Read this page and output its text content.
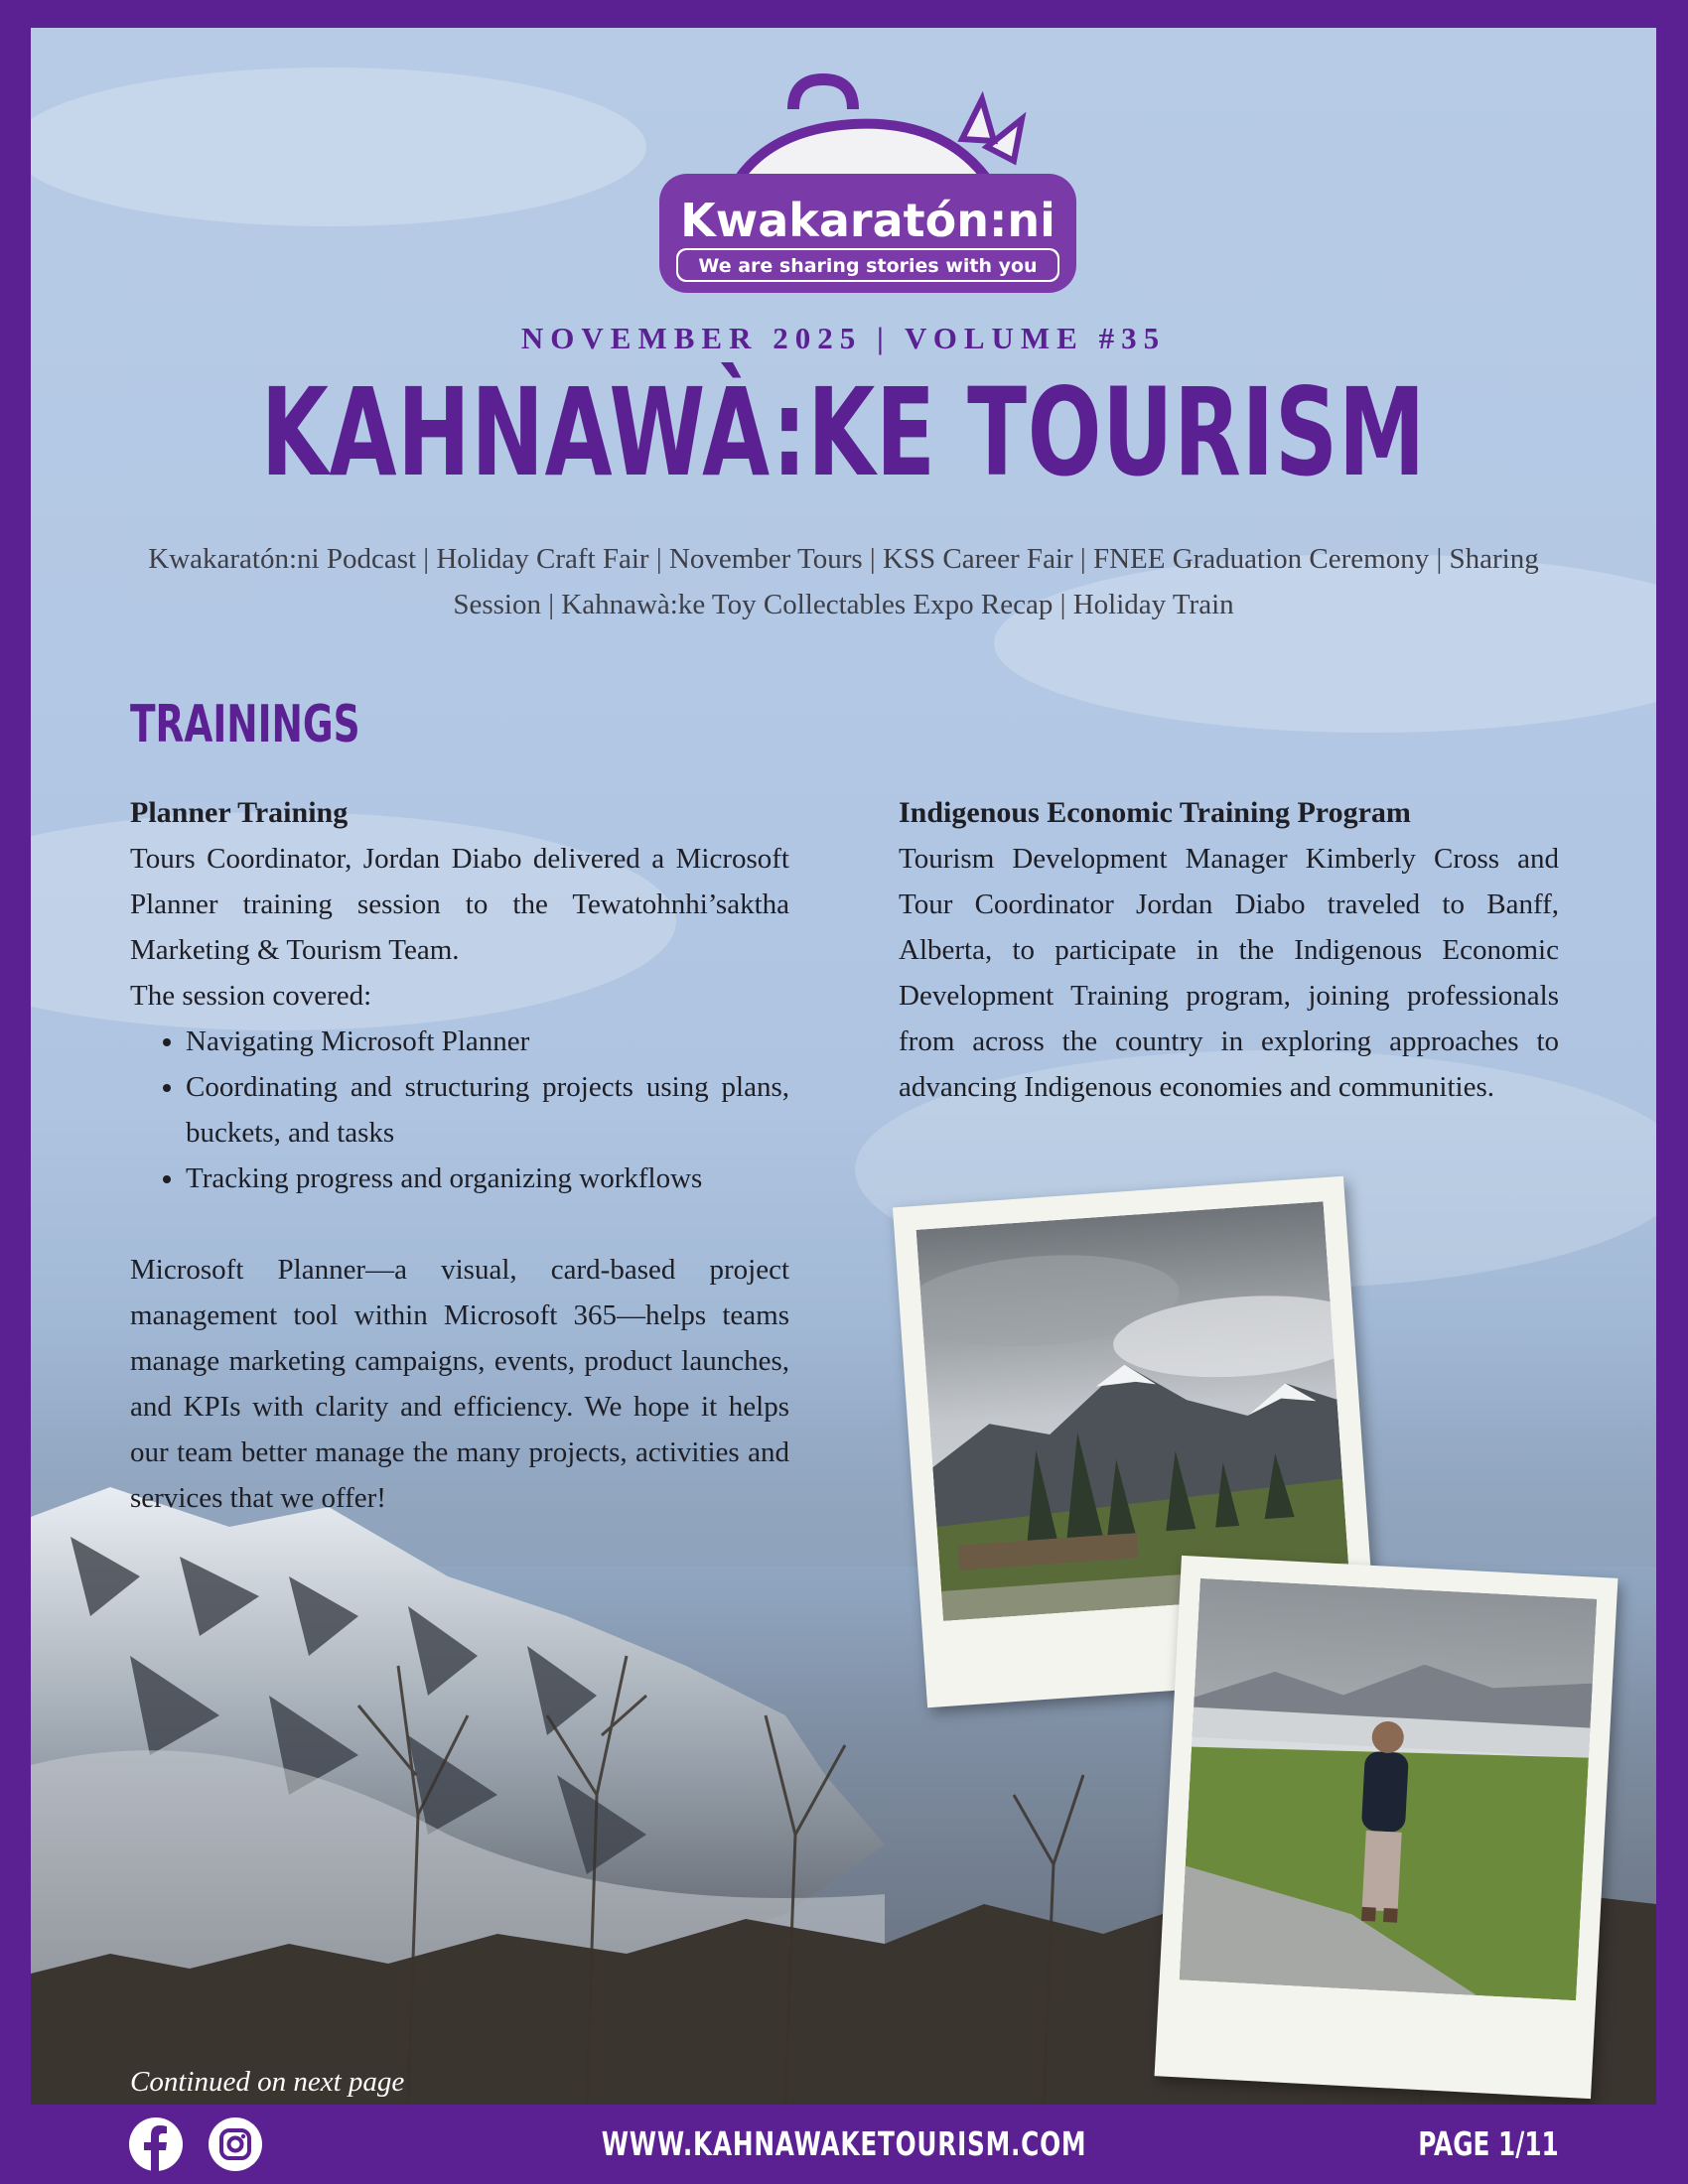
Kwakaratón:ni
We are sharing stories with you
NOVEMBER 2025 | VOLUME #35
KAHNAWÀ:KE TOURISM
Kwakaratón:ni Podcast | Holiday Craft Fair | November Tours | KSS Career Fair | FNEE Graduation Ceremony | Sharing Session | Kahnawà:ke Toy Collectables Expo Recap | Holiday Train
TRAININGS
Planner Training

Tours Coordinator, Jordan Diabo delivered a Microsoft Planner training session to the Tewatohnhi’saktha Marketing & Tourism Team.

The session covered:

• Navigating Microsoft Planner
• Coordinating and structuring projects using plans, buckets, and tasks
• Tracking progress and organizing workflows

Microsoft Planner—a visual, card-based project management tool within Microsoft 365—helps teams manage marketing campaigns, events, product launches, and KPIs with clarity and efficiency. We hope it helps our team better manage the many projects, activities and services that we offer!

Indigenous Economic Training Program

Tourism Development Manager Kimberly Cross and Tour Coordinator Jordan Diabo traveled to Banff, Alberta, to participate in the Indigenous Economic Development Training program, joining professionals from across the country in exploring approaches to advancing Indigenous economies and communities.

Continued on next page
WWW.KAHNAWAKETOURISM.COM	PAGE 1/11
